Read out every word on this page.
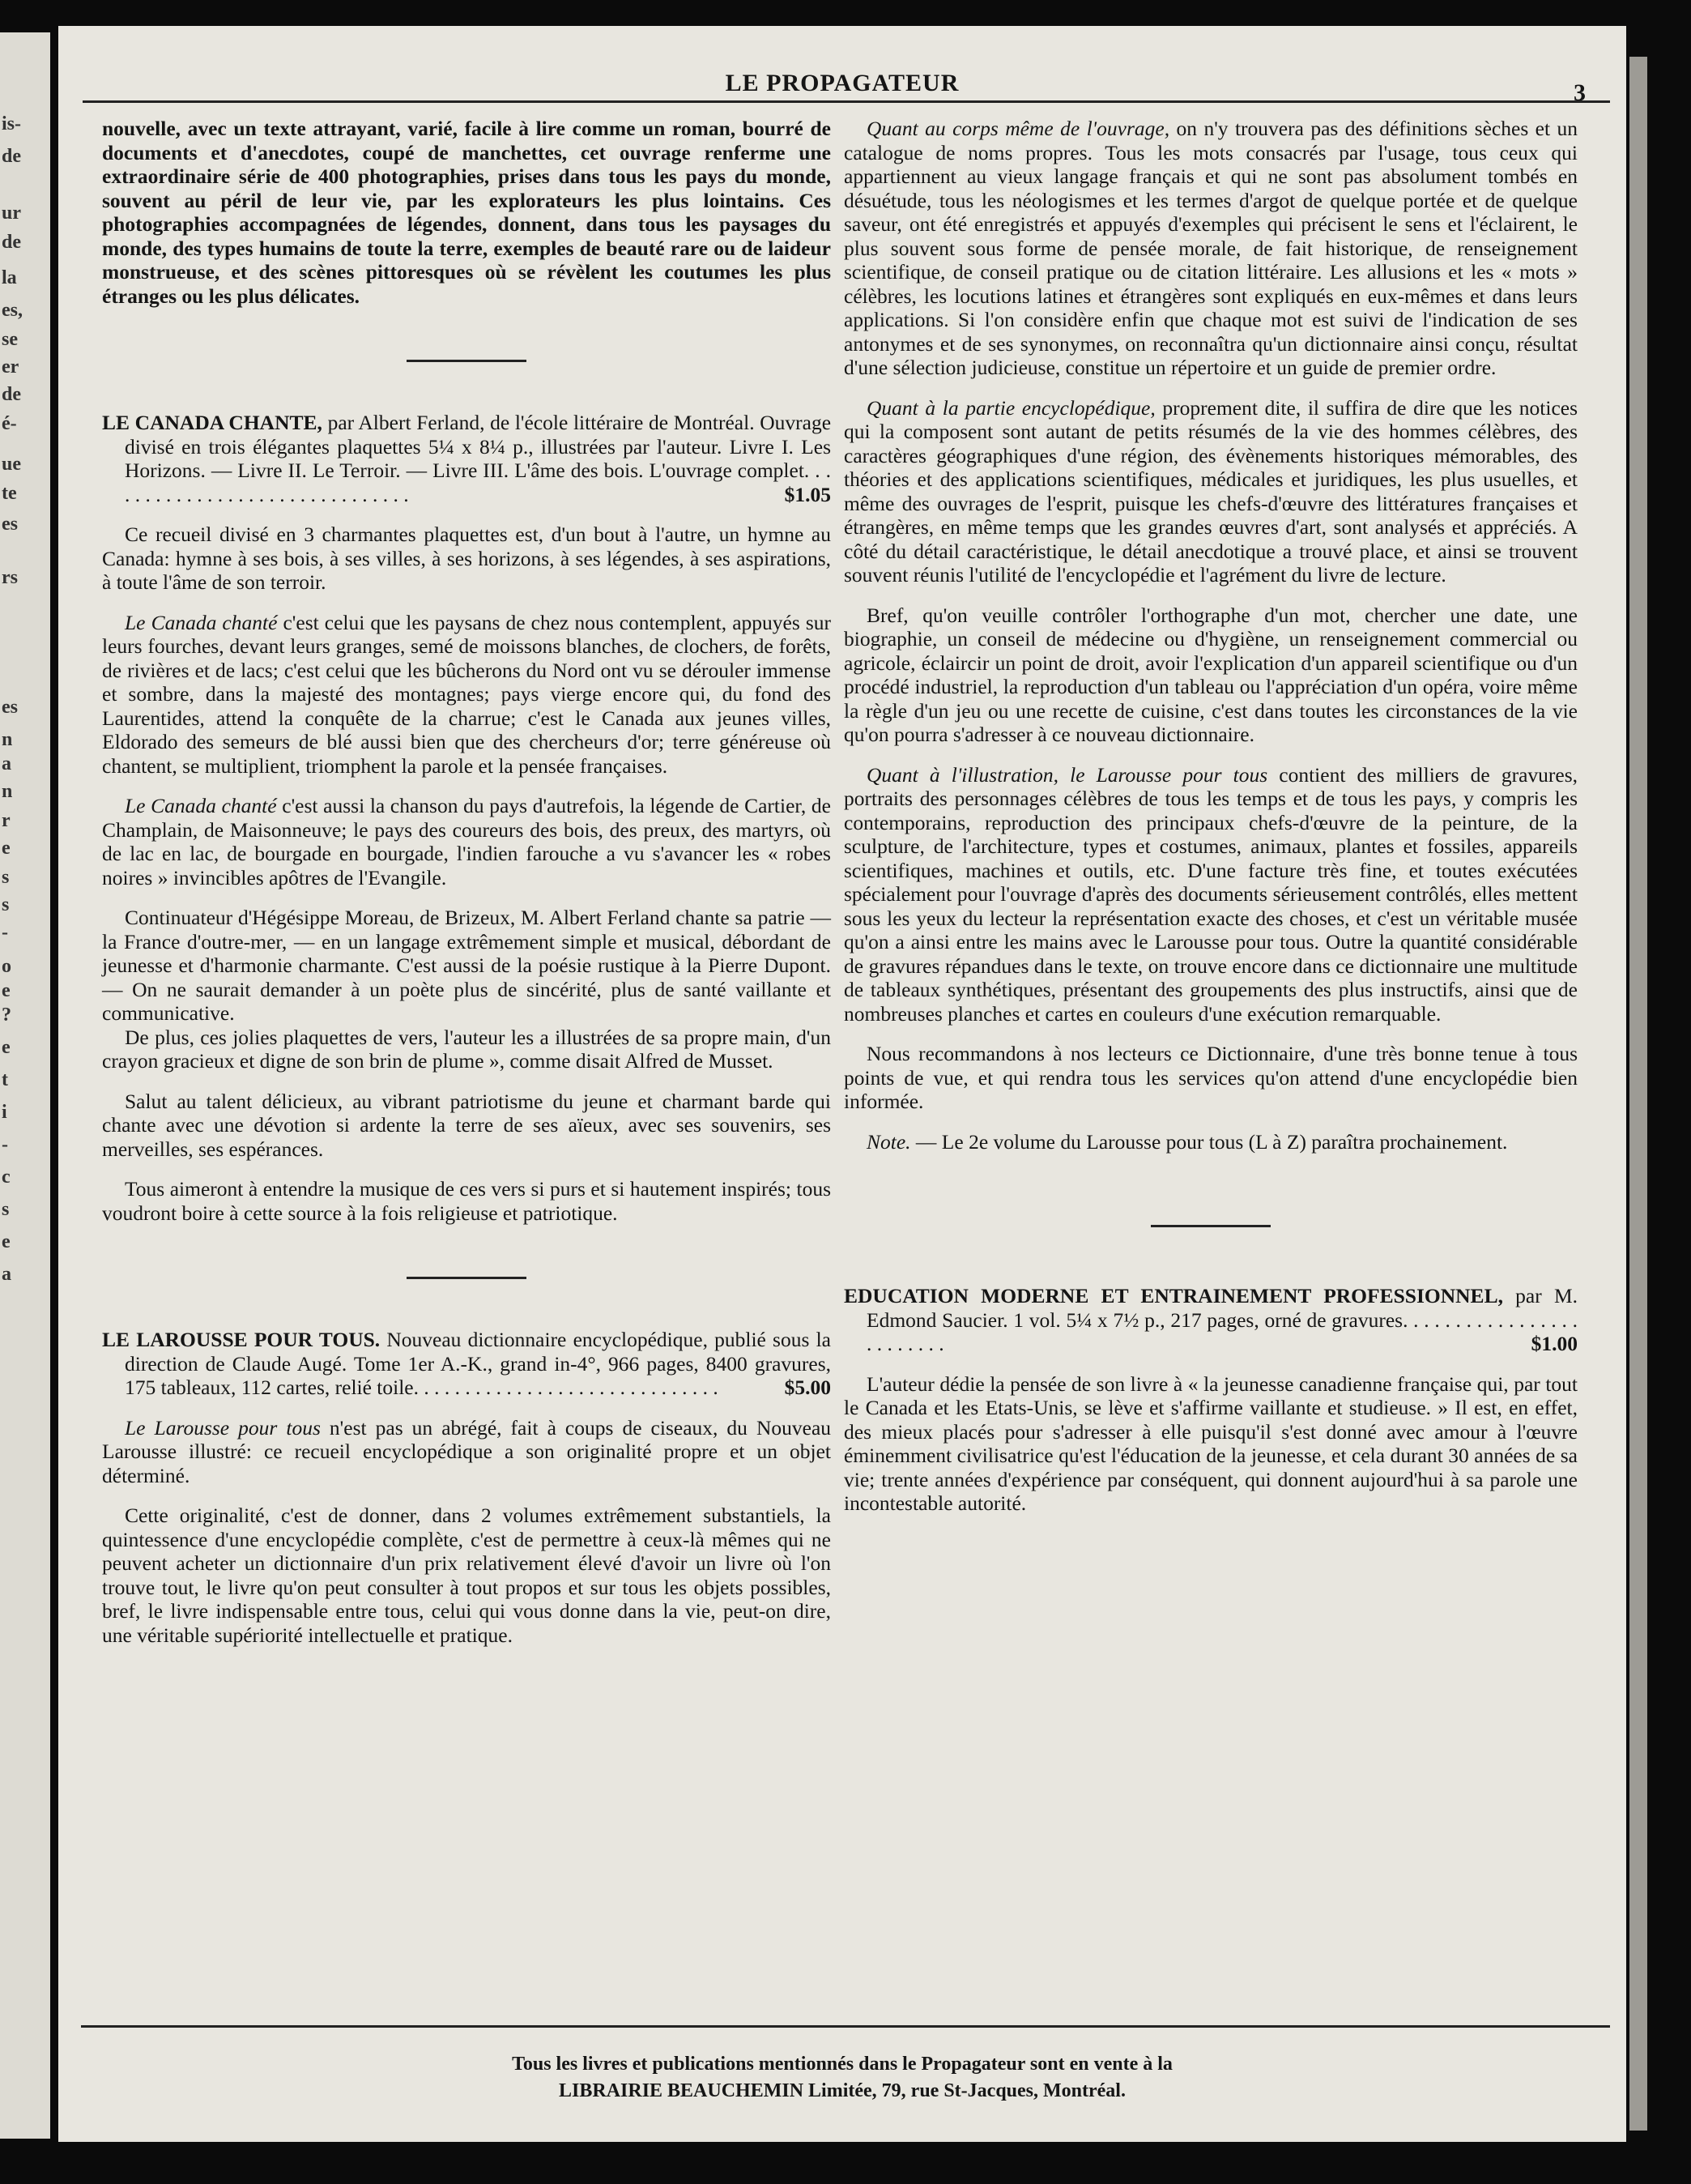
is-
de
ur
de
la
es,
se
er
de
é-
ue
te
es
rs
es
n
a
n
r
e
s
s
-
o
e
?
e
t
i
-
c
s
e
a
LE PROPAGATEUR	3

nouvelle, avec un texte attrayant, varié, facile à lire comme un roman, bourré de documents et d'anecdotes, coupé de manchettes, cet ouvrage renferme une extraordinaire série de 400 photographies, prises dans tous les pays du monde, souvent au péril de leur vie, par les explorateurs les plus lointains. Ces photographies accompagnées de légendes, donnent, dans tous les paysages du monde, des types humains de toute la terre, exemples de beauté rare ou de laideur monstrueuse, et des scènes pittoresques où se révèlent les coutumes les plus étranges ou les plus délicates.

LE CANADA CHANTE, par Albert Ferland, de l'école littéraire de Montréal. Ouvrage divisé en trois élégantes plaquettes 5¼ x 8¼ p., illustrées par l'auteur. Livre I. Les Horizons. — Livre II. Le Terroir. — Livre III. L'âme des bois. L'ouvrage complet. . . . . . . . . . . . . . . . . . . . . . . . . . . . . . .	$1.05

Ce recueil divisé en 3 charmantes plaquettes est, d'un bout à l'autre, un hymne au Canada: hymne à ses bois, à ses villes, à ses horizons, à ses légendes, à ses aspirations, à toute l'âme de son terroir.

Le Canada chanté c'est celui que les paysans de chez nous contemplent, appuyés sur leurs fourches, devant leurs granges, semé de moissons blanches, de clochers, de forêts, de rivières et de lacs; c'est celui que les bûcherons du Nord ont vu se dérouler immense et sombre, dans la majesté des montagnes; pays vierge encore qui, du fond des Laurentides, attend la conquête de la charrue; c'est le Canada aux jeunes villes, Eldorado des semeurs de blé aussi bien que des chercheurs d'or; terre généreuse où chantent, se multiplient, triomphent la parole et la pensée françaises.

Le Canada chanté c'est aussi la chanson du pays d'autrefois, la légende de Cartier, de Champlain, de Maisonneuve; le pays des coureurs des bois, des preux, des martyrs, où de lac en lac, de bourgade en bourgade, l'indien farouche a vu s'avancer les « robes noires » invincibles apôtres de l'Evangile.

Continuateur d'Hégésippe Moreau, de Brizeux, M. Albert Ferland chante sa patrie — la France d'outre-mer, — en un langage extrêmement simple et musical, débordant de jeunesse et d'harmonie charmante. C'est aussi de la poésie rustique à la Pierre Dupont. — On ne saurait demander à un poète plus de sincérité, plus de santé vaillante et communicative.

De plus, ces jolies plaquettes de vers, l'auteur les a illustrées de sa propre main, d'un crayon gracieux et digne de son brin de plume », comme disait Alfred de Musset.

Salut au talent délicieux, au vibrant patriotisme du jeune et charmant barde qui chante avec une dévotion si ardente la terre de ses aïeux, avec ses souvenirs, ses merveilles, ses espérances.

Tous aimeront à entendre la musique de ces vers si purs et si hautement inspirés; tous voudront boire à cette source à la fois religieuse et patriotique.

LE LAROUSSE POUR TOUS. Nouveau dictionnaire encyclopédique, publié sous la direction de Claude Augé. Tome 1er A.-K., grand in-4°, 966 pages, 8400 gravures, 175 tableaux, 112 cartes, relié toile. . . . . . . . . . . . . . . . . . . . . . . . . . . . . .	$5.00

Le Larousse pour tous n'est pas un abrégé, fait à coups de ciseaux, du Nouveau Larousse illustré: ce recueil encyclopédique a son originalité propre et un objet déterminé.

Cette originalité, c'est de donner, dans 2 volumes extrêmement substantiels, la quintessence d'une encyclopédie complète, c'est de permettre à ceux-là mêmes qui ne peuvent acheter un dictionnaire d'un prix relativement élevé d'avoir un livre où l'on trouve tout, le livre qu'on peut consulter à tout propos et sur tous les objets possibles, bref, le livre indispensable entre tous, celui qui vous donne dans la vie, peut-on dire, une véritable supériorité intellectuelle et pratique.

Quant au corps même de l'ouvrage, on n'y trouvera pas des définitions sèches et un catalogue de noms propres. Tous les mots consacrés par l'usage, tous ceux qui appartiennent au vieux langage français et qui ne sont pas absolument tombés en désuétude, tous les néologismes et les termes d'argot de quelque portée et de quelque saveur, ont été enregistrés et appuyés d'exemples qui précisent le sens et l'éclairent, le plus souvent sous forme de pensée morale, de fait historique, de renseignement scientifique, de conseil pratique ou de citation littéraire. Les allusions et les « mots » célèbres, les locutions latines et étrangères sont expliqués en eux-mêmes et dans leurs applications. Si l'on considère enfin que chaque mot est suivi de l'indication de ses antonymes et de ses synonymes, on reconnaîtra qu'un dictionnaire ainsi conçu, résultat d'une sélection judicieuse, constitue un répertoire et un guide de premier ordre.

Quant à la partie encyclopédique, proprement dite, il suffira de dire que les notices qui la composent sont autant de petits résumés de la vie des hommes célèbres, des caractères géographiques d'une région, des évènements historiques mémorables, des théories et des applications scientifiques, médicales et juridiques, les plus usuelles, et même des ouvrages de l'esprit, puisque les chefs-d'œuvre des littératures françaises et étrangères, en même temps que les grandes œuvres d'art, sont analysés et appréciés. A côté du détail caractéristique, le détail anecdotique a trouvé place, et ainsi se trouvent souvent réunis l'utilité de l'encyclopédie et l'agrément du livre de lecture.

Bref, qu'on veuille contrôler l'orthographe d'un mot, chercher une date, une biographie, un conseil de médecine ou d'hygiène, un renseignement commercial ou agricole, éclaircir un point de droit, avoir l'explication d'un appareil scientifique ou d'un procédé industriel, la reproduction d'un tableau ou l'appréciation d'un opéra, voire même la règle d'un jeu ou une recette de cuisine, c'est dans toutes les circonstances de la vie qu'on pourra s'adresser à ce nouveau dictionnaire.

Quant à l'illustration, le Larousse pour tous contient des milliers de gravures, portraits des personnages célèbres de tous les temps et de tous les pays, y compris les contemporains, reproduction des principaux chefs-d'œuvre de la peinture, de la sculpture, de l'architecture, types et costumes, animaux, plantes et fossiles, appareils scientifiques, machines et outils, etc. D'une facture très fine, et toutes exécutées spécialement pour l'ouvrage d'après des documents sérieusement contrôlés, elles mettent sous les yeux du lecteur la représentation exacte des choses, et c'est un véritable musée qu'on a ainsi entre les mains avec le Larousse pour tous. Outre la quantité considérable de gravures répandues dans le texte, on trouve encore dans ce dictionnaire une multitude de tableaux synthétiques, présentant des groupements des plus instructifs, ainsi que de nombreuses planches et cartes en couleurs d'une exécution remarquable.

Nous recommandons à nos lecteurs ce Dictionnaire, d'une très bonne tenue à tous points de vue, et qui rendra tous les services qu'on attend d'une encyclopédie bien informée.

Note. — Le 2e volume du Larousse pour tous (L à Z) paraîtra prochainement.

EDUCATION MODERNE ET ENTRAINEMENT PROFESSIONNEL, par M. Edmond Saucier. 1 vol. 5¼ x 7½ p., 217 pages, orné de gravures. . . . . . . . . . . . . . . . . . . . . . . . .	$1.00

L'auteur dédie la pensée de son livre à « la jeunesse canadienne française qui, par tout le Canada et les Etats-Unis, se lève et s'affirme vaillante et studieuse. » Il est, en effet, des mieux placés pour s'adresser à elle puisqu'il s'est donné avec amour à l'œuvre éminemment civilisatrice qu'est l'éducation de la jeunesse, et cela durant 30 années de sa vie; trente années d'expérience par conséquent, qui donnent aujourd'hui à sa parole une incontestable autorité.

Tous les livres et publications mentionnés dans le Propagateur sont en vente à la
LIBRAIRIE BEAUCHEMIN Limitée, 79, rue St-Jacques, Montréal.
